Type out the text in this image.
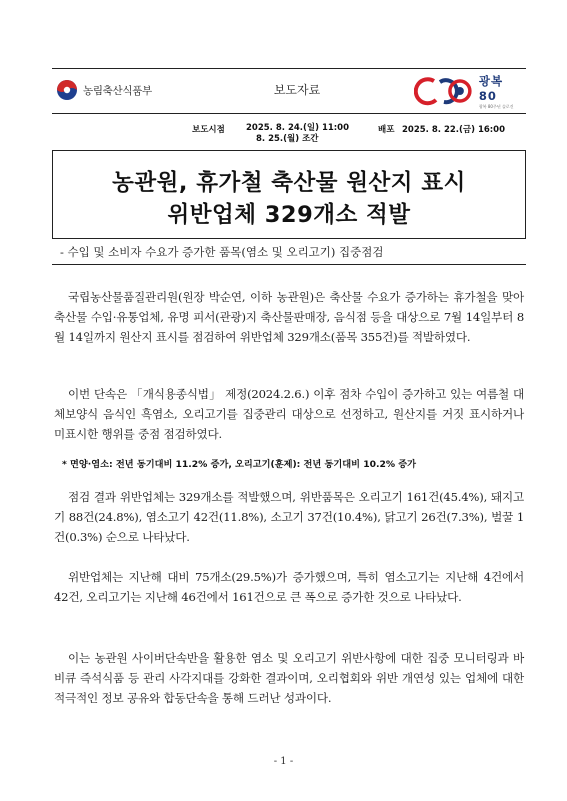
농림축산식품부	보도자료
광복 80
광복 80주년 슬로건
보도시점 2025. 8. 24.(일) 11:00
8. 25.(월) 조간
배포 2025. 8. 22.(금) 16:00
농관원, 휴가철 축산물 원산지 표시
위반업체 329개소 적발
- 수입 및 소비자 수요가 증가한 품목(염소 및 오리고기) 집중점검

국립농산물품질관리원(원장 박순연, 이하 농관원)은 축산물 수요가 증가하는 휴가철을 맞아 축산물 수입·유통업체, 유명 피서(관광)지 축산물판매장, 음식점 등을 대상으로 7월 14일부터 8월 14일까지 원산지 표시를 점검하여 위반업체 329개소(품목 355건)를 적발하였다.

이번 단속은 「개식용종식법」 제정(2024.2.6.) 이후 점차 수입이 증가하고 있는 여름철 대체보양식 음식인 흑염소, 오리고기를 집중관리 대상으로 선정하고, 원산지를 거짓 표시하거나 미표시한 행위를 중점 점검하였다.

* 면양·염소: 전년 동기대비 11.2% 증가, 오리고기(훈제): 전년 동기대비 10.2% 증가

점검 결과 위반업체는 329개소를 적발했으며, 위반품목은 오리고기 161건(45.4%), 돼지고기 88건(24.8%), 염소고기 42건(11.8%), 소고기 37건(10.4%), 닭고기 26건(7.3%), 벌꿀 1건(0.3%) 순으로 나타났다.

위반업체는 지난해 대비 75개소(29.5%)가 증가했으며, 특히 염소고기는 지난해 4건에서 42건, 오리고기는 지난해 46건에서 161건으로 큰 폭으로 증가한 것으로 나타났다.

이는 농관원 사이버단속반을 활용한 염소 및 오리고기 위반사항에 대한 집중 모니터링과 바비큐 즉석식품 등 관리 사각지대를 강화한 결과이며, 오리협회와 위반 개연성 있는 업체에 대한 적극적인 정보 공유와 합동단속을 통해 드러난 성과이다.

- 1 -
